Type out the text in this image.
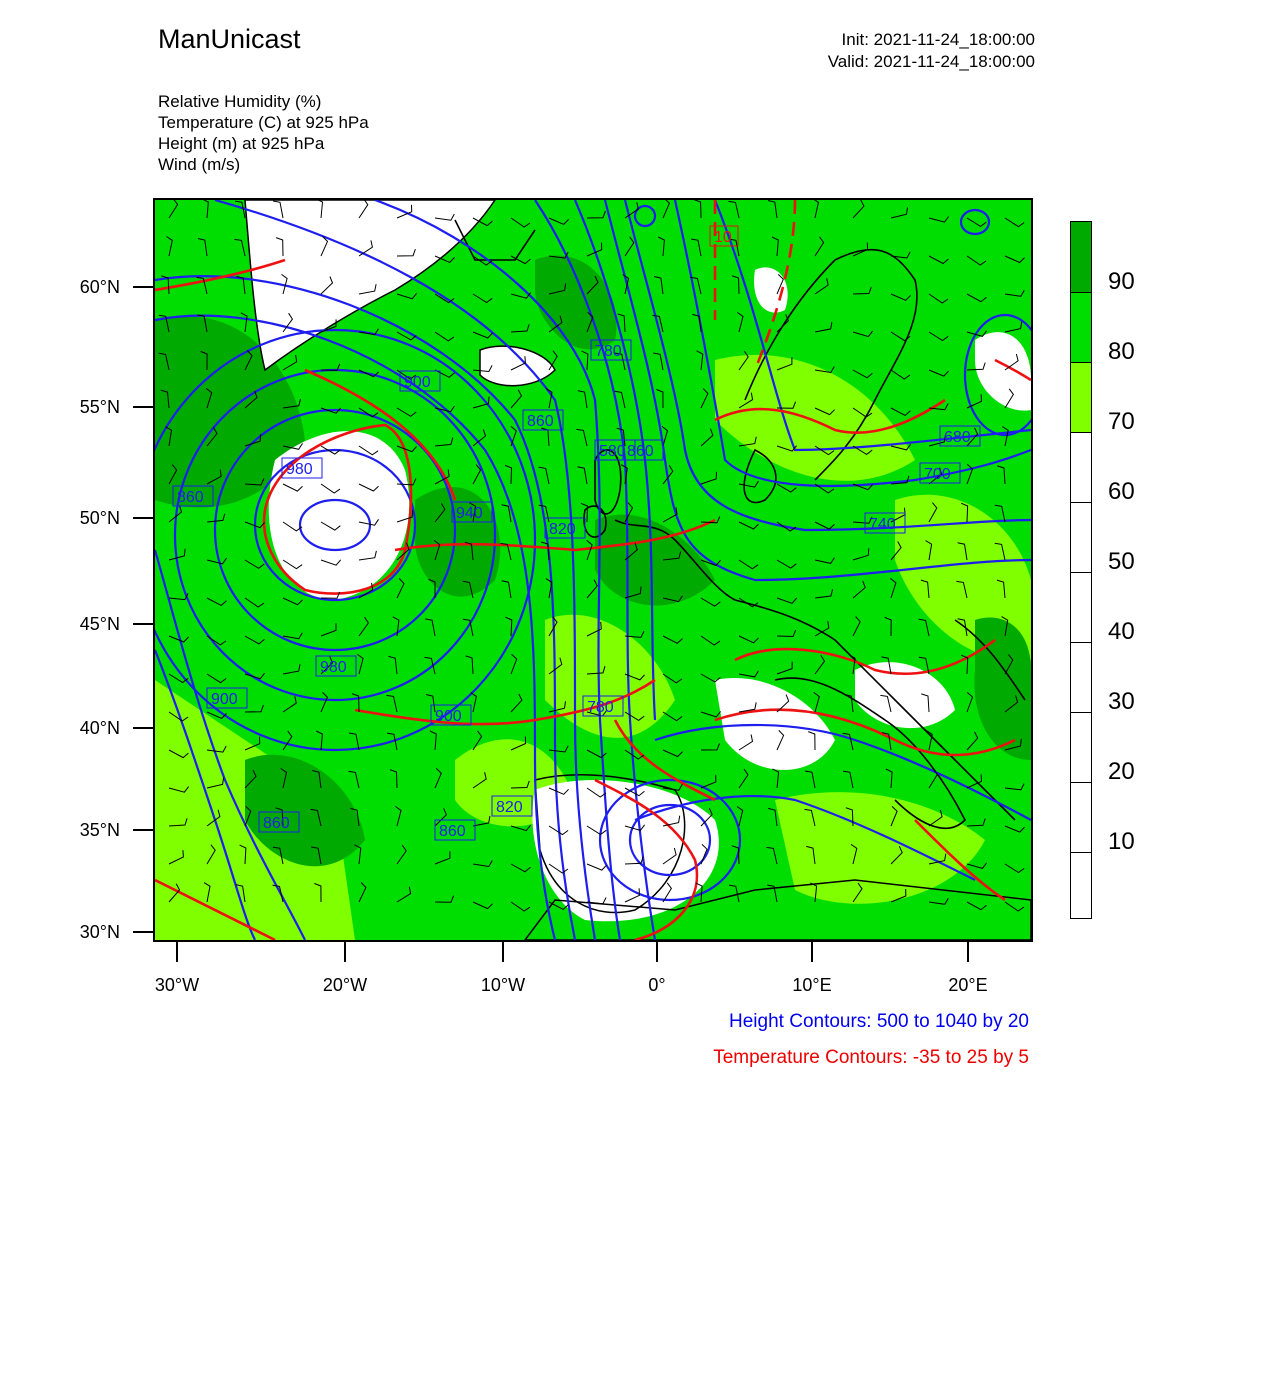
ManUnicast	Init: 2021-11-24_18:00:00
Valid: 2021-11-24_18:00:00
Relative Humidity (%)
Temperature (C) at 925 hPa
Height (m) at 925 hPa
Wind (m/s)
900
980
940
860
780
820
980
900
900
860	860
820
780
860
680
700
740
580 860
10
60°N
55°N
50°N
45°N
40°N
35°N
30°N
30°W	20°W	10°W	0°	10°E	20°E
90
80
70
60
50
40
30
20
10
Height Contours: 500 to 1040 by 20
Temperature Contours: -35 to 25 by 5
